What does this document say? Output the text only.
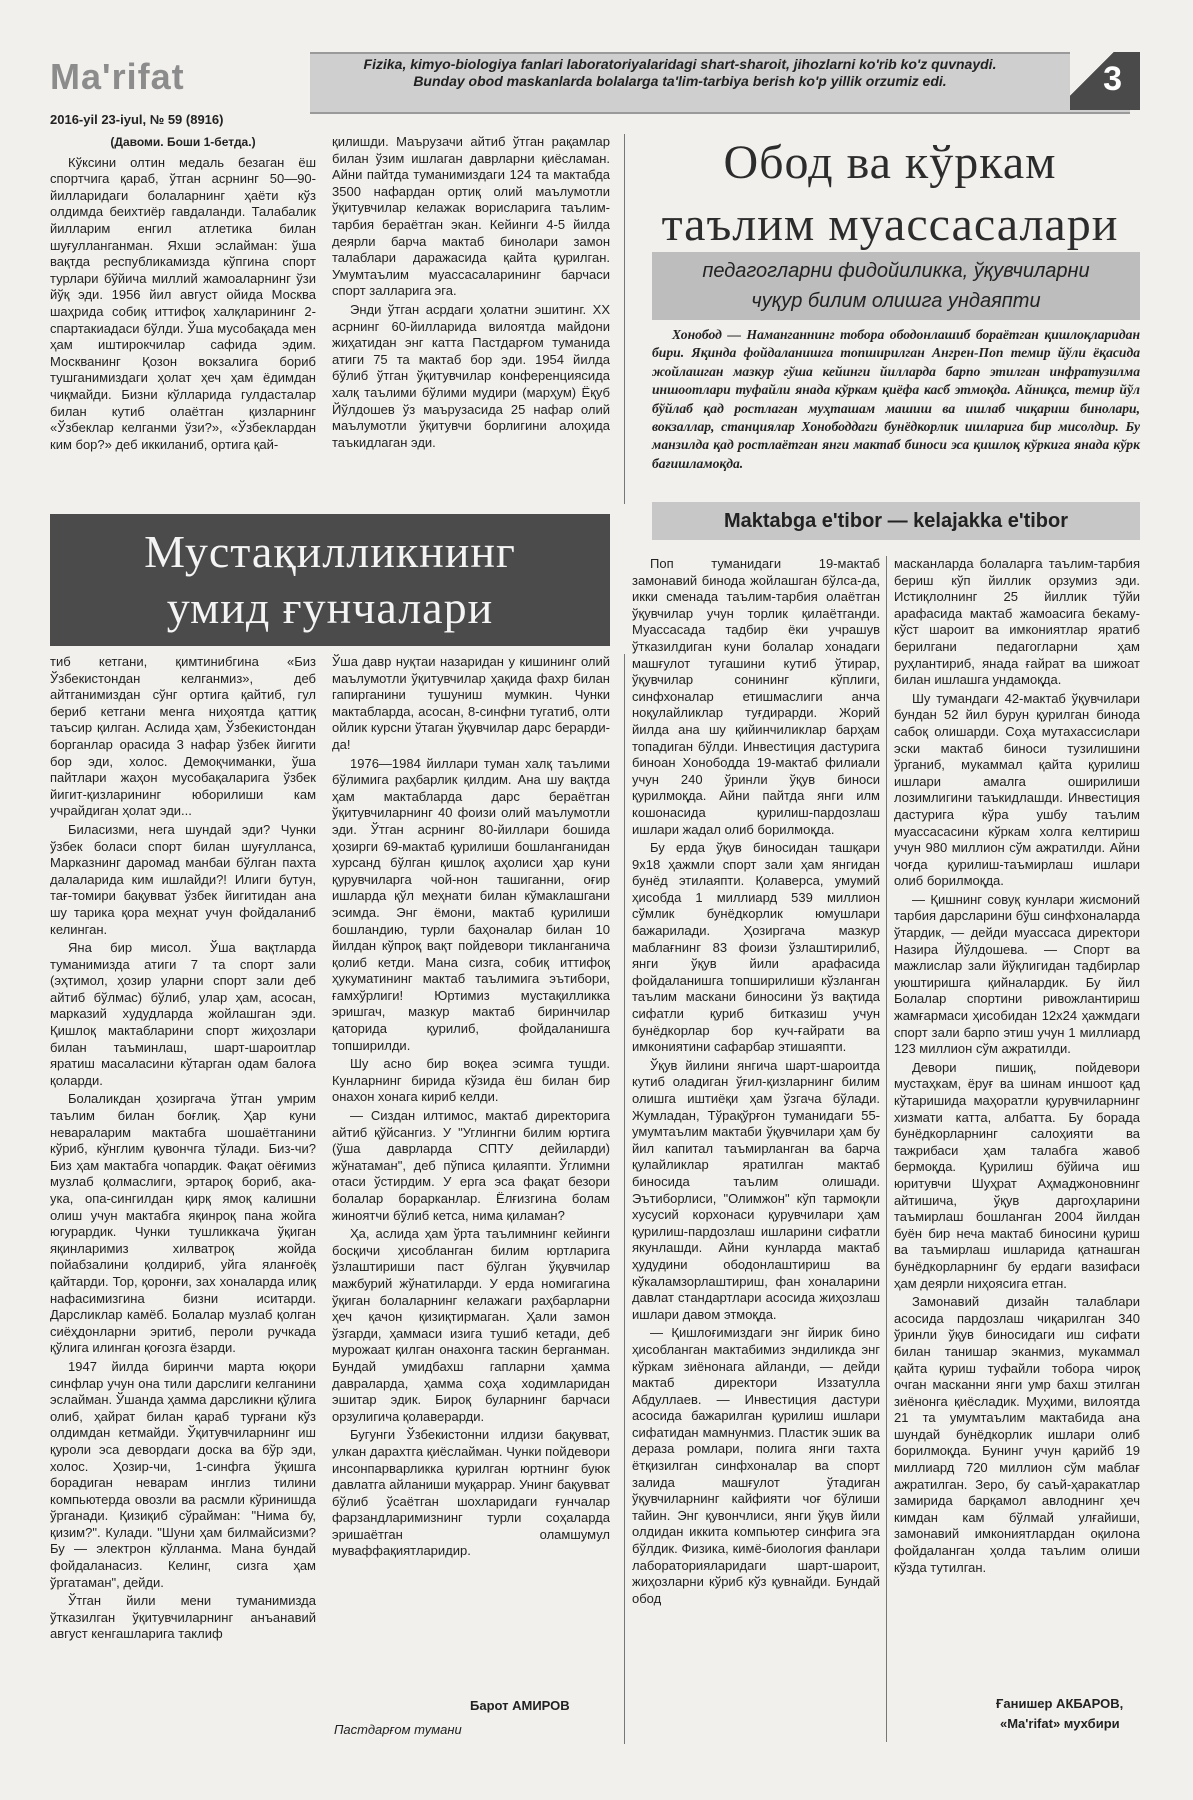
Ma'rifat	Fizika, kimyo-biologiya fanlari laboratoriyalaridagi shart-sharoit, jihozlarni ko'rib ko'z quvnaydi. Bunday obod maskanlarda bolalarga ta'lim-tarbiya berish ko'p yillik orzumiz edi.	3
2016-yil 23-iyul, № 59 (8916)
(Давоми. Боши 1-бетда.)

Кўксини олтин медаль безаган ёш спортчига қараб, ўтган асрнинг 50—90-йилларидаги болаларнинг ҳаёти кўз олдимда беихтиёр гавдаланди. Талабалик йилларим енгил атлетика билан шуғулланганман. Яхши эслайман: ўша вақтда республикамизда кўпгина спорт турлари бўйича миллий жамоаларнинг ўзи йўқ эди. 1956 йил август ойида Москва шаҳрида собиқ иттифоқ халқларининг 2-спартакиадаси бўлди. Ўша мусобақада мен ҳам иштирокчилар сафида эдим. Москванинг Қозон вокзалига бориб тушганимиздаги ҳолат ҳеч ҳам ёдимдан чиқмайди. Бизни кўлларида гулдасталар билан кутиб олаётган қизларнинг «Ўзбеклар келганми ўзи?», «Ўзбеклардан ким бор?» деб иккиланиб, ортига қай-

қилишди. Маърузачи айтиб ўтган рақамлар билан ўзим ишлаган даврларни қиёсламан. Айни пайтда туманимиздаги 124 та мактабда 3500 нафардан ортиқ олий маълумотли ўқитувчилар келажак ворисларига таълим-тарбия бераётган экан. Кейинги 4-5 йилда деярли барча мактаб бинолари замон талаблари даражасида қайта қурилган. Умумтаълим муассасаларининг барчаси спорт залларига эга.

Энди ўтган асрдаги ҳолатни эшитинг. ХХ асрнинг 60-йилларида вилоятда майдони жиҳатидан энг катта Пастдарғом туманида атиги 75 та мактаб бор эди. 1954 йилда бўлиб ўтган ўқитувчилар конференциясида халқ таълими бўлими мудири (марҳум) Ёқуб Йўлдошев ўз маърузасида 25 нафар олий маълумотли ўқитувчи борлигини алоҳида таъкидлаган эди.

Мустақилликнинг
умид ғунчалари

тиб кетгани, қимтинибгина «Биз Ўзбекистондан келганмиз», деб айтганимиздан сўнг ортига қайтиб, гул бериб кетгани менга ниҳоятда қаттиқ таъсир қилган. Аслида ҳам, Ўзбекистондан борганлар орасида 3 нафар ўзбек йигити бор эди, холос. Демоқчиманки, ўша пайтлари жаҳон мусобақаларига ўзбек йигит-қизларининг юборилиши кам учрайдиган ҳолат эди...

Биласизми, нега шундай эди? Чунки ўзбек боласи спорт билан шуғулланса, Марказнинг даромад манбаи бўлган пахта далаларида ким ишлайди?! Илиги бутун, тағ-томири бақувват ўзбек йигитидан ана шу тарика қора меҳнат учун фойдаланиб келинган.

Яна бир мисол. Ўша вақтларда туманимизда атиги 7 та спорт зали (эҳтимол, ҳозир уларни спорт зали деб айтиб бўлмас) бўлиб, улар ҳам, асосан, марказий худудларда жойлашган эди. Қишлоқ мактабларини спорт жиҳозлари билан таъминлаш, шарт-шароитлар яратиш масаласини кўтарган одам балоға қоларди.

Болаликдан ҳозиргача ўтган умрим таълим билан боғлиқ. Ҳар куни невараларим мактабга шошаётганини кўриб, кўнглим қувончга тўлади. Биз-чи? Биз ҳам мактабга чопардик. Фақат оёғимиз музлаб қолмаслиги, эртароқ бориб, ака-ука, опа-сингилдан қирқ ямоқ калишни олиш учун мактабга яқинроқ пана жойга югурардик. Чунки тушликкача ўқиган яқинларимиз хилватроқ жойда пойабзалини қолдириб, уйга яланғоёқ қайтарди. Тор, қоронғи, зах хоналарда илиқ нафасимизгина бизни иситарди. Дарсликлар камёб. Болалар музлаб қолган сиёҳдонларни эритиб, пероли ручкада қўлига илинган қоғозга ёзарди.

1947 йилда биринчи марта юқори синфлар учун она тили дарслиги келганини эслайман. Ўшанда ҳамма дарсликни қўлига олиб, ҳайрат билан қараб турғани кўз олдимдан кетмайди. Ўқитувчиларнинг иш қуроли эса девордаги доска ва бўр эди, холос. Ҳозир-чи, 1-синфга ўқишга борадиган невaрам инглиз тилини компьютерда овозли ва расмли кўринишда ўрганади. Қизиқиб сўрайман: "Нима бу, қизим?". Кулади. "Шуни ҳам билмайсизми? Бу — электрон кўлланма. Мана бундай фойдаланасиз. Келинг, сизга ҳам ўргатаман", дейди.

Ўтган йили мени туманимизда ўтказилган ўқитувчиларнинг анъанавий август кенгашларига таклиф

Ўша давр нуқтаи назаридан у кишининг олий маълумотли ўқитувчилар ҳақида фахр билан гапирганини тушуниш мумкин. Чунки мактабларда, асосан, 8-синфни тугатиб, олти ойлик курсни ўтаган ўқувчилар дарс берарди-да!

1976—1984 йиллари туман халқ таълими бўлимига раҳбарлик қилдим. Ана шу вақтда ҳам мактабларда дарс бераётган ўқитувчиларнинг 40 фоизи олий маълумотли эди. Ўтган асрнинг 80-йиллари бошида ҳозирги 69-мактаб қурилиши бошланганидан хурсанд бўлган қишлоқ аҳолиси ҳар куни қурувчиларга чой-нон ташиганни, оғир ишларда қўл меҳнати билан кўмаклашгани эсимда. Энг ёмони, мактаб қурилиши бошландию, турли баҳоналар билан 10 йилдан кўпроқ вақт пойдевори тикланганича қолиб кетди. Мана сизга, собиқ иттифоқ ҳукуматининг мактаб таълимига эътибори, ғамхўрлиги! Юртимиз мустақилликка эришгач, мазкур мактаб биринчилар қаторида қурилиб, фойдаланишга топширилди.

Шу асно бир воқеа эсимга тушди. Кунларнинг бирида кўзида ёш билан бир онахон хонага кириб келди.

— Сиздан илтимос, мактаб директорига айтиб қўйсангиз. У "Углингни билим юртига (ўша даврларда СПТУ дейиларди) жўнатаман", деб пўписа қилаяпти. Ўглимни отаси ўстирдим. У ерга эса фақат безори болалар борарканлар. Ёлғизгина болам жиноятчи бўлиб кетса, нима қиламан?

Ҳа, аслида ҳам ўрта таълимнинг кейинги босқичи ҳисобланган билим юртларига ўзлаштириши паст бўлган ўқувчилар мажбурий жўнатиларди. У ерда номигагина ўқиган болаларнинг келажаги раҳбарларни ҳеч қачон қизиқтирмаган. Ҳали замон ўзгарди, ҳаммаси изига тушиб кетади, деб мурожаат қилган онахонга таскин берганман. Бундай умидбахш гапларни ҳамма давраларда, ҳамма соҳа ходимларидан эшитар эдик. Бироқ буларнинг барчаси орзулигича қолаверарди.

Бугунги Ўзбекистонни илдизи бақувват, улкан дарахтга қиёслайман. Чунки пойдевори инсонпарварликка қурилган юртнинг буюк давлатга айланиши муқаррар. Унинг бақувват бўлиб ўсаётган шохларидаги ғунчалар фарзандларимизнинг турли соҳаларда эришаётган оламшумул муваффақиятларидир.

Барот АМИРОВ
Пастдарғом тумани
Обод ва кўркам
таълим муассасалари
педагогларни фидойиликка, ўқувчиларни
чуқур билим олишга ундаяпти

Хонобод — Наманганнинг тобора ободонлашиб бораётган қишлоқларидан бири. Яқинда фойдаланишга топширилган Ангрен-Поп темир йўли ёқасида жойлашган мазкур гўша кейинги йилларда барпо этилган инфратузилма иншоотлари туфайли янада кўркам қиёфа касб этмоқда. Айниқса, темир йўл бўйлаб қад ростлаган муҳташам машиш ва ишлаб чиқариш бинолари, вокзаллар, станциялар Хонободдаги бунёдкорлик ишларига бир мисолдир. Бу манзилда қад ростлаётган янги мактаб биноси эса қишлоқ кўркига янада кўрк бағишламоқда.

Maktabga e'tibor — kelajakka e'tibor

Поп туманидаги 19-мактаб замонавий бинода жойлашган бўлса-да, икки сменада таълим-тарбия олаётган ўқувчилар учун торлик қилаётганди. Муассасада тадбир ёки учрашув ўтказилдиган куни болалар хонадаги машғулот тугашини кутиб ўтирар, ўқувчилар сонининг кўплиги, синфхоналар етишмаслиги анча ноқулайликлар туғдирарди. Жорий йилда ана шу қийинчиликлар барҳам топадиган бўлди. Инвестиция дастурига биноан Хонободда 19-мактаб филиали учун 240 ўринли ўқув биноси қурилмоқда. Айни пайтда янги илм кошонасида қурилиш-пардозлаш ишлари жадал олиб борилмоқда.

Бу ерда ўқув биносидан ташқари 9х18 ҳажмли спорт зали ҳам янгидан бунёд этилаяпти. Қолаверса, умумий ҳисобда 1 миллиард 539 миллион сўмлик бунёдкорлик юмушлари бажарилади. Ҳозиргача мазкур маблағнинг 83 фоизи ўзлаштирилиб, янги ўқув йили арафасида фойдаланишга топширилиши кўзланган таълим маскани биносини ўз вақтида сифатли қуриб битказиш учун бунёдкорлар бор куч-ғайрати ва имкониятини сафарбар этишаяпти.

Ўқув йилини янгича шарт-шароитда кутиб оладиган ўғил-қизларнинг билим олишга иштиёқи ҳам ўзгача бўлади. Жумладан, Тўрақўрғон туманидаги 55-умумтаълим мактаби ўқувчилари ҳам бу йил капитал таъмирланган ва барча қулайликлар яратилган мактаб биносида таълим олишади. Эътиборлиси, "Олимжон" кўп тармоқли хусусий корхонаси қурувчилари ҳам қурилиш-пардозлаш ишларини сифатли якунлашди. Айни кунларда мактаб ҳудудини ободонлаштириш ва кўкаламзорлаштириш, фан хоналарини давлат стандартлари асосида жиҳозлаш ишлари давом этмоқда.

— Қишлоғимиздаги энг йирик бино ҳисобланган мактабимиз эндиликда энг кўркам зиёнонага айланди, — дейди мактаб директори Иззатулла Абдуллаев. — Инвестиция дастури асосида бажарилган қурилиш ишлари сифатидан мамнунмиз. Пластик эшик ва деразa ромлари, полига янги тахта ётқизилган синфхоналар ва спорт залида машғулот ўтадиган ўқувчиларнинг кайфияти чоғ бўлиши тайин. Энг қувончлиси, янги ўқув йили олдидан иккита компьютер синфига эга бўлдик. Физика, кимё-биология фанлари лабораторияларидаги шарт-шароит, жиҳозларни кўриб кўз қувнайди. Бундай обод

масканларда болаларга таълим-тарбия бериш кўп йиллик орзумиз эди. Истиқлолнинг 25 йиллик тўйи арафасида мактаб жамоасига бекаму-кўст шароит ва имкониятлар яратиб берилгани педагогларни ҳам руҳлантириб, янада ғайрат ва шижоат билан ишлашга ундамоқда.

Шу тумандаги 42-мактаб ўқувчилари бундан 52 йил бурун қурилган бинода сабоқ олишарди. Соҳа мутахассислари эски мактаб биноси тузилишини ўрганиб, мукаммал қайта қурилиш ишлари амалга оширилиши лозимлигини таъкидлашди. Инвестиция дастурига кўра ушбу таълим муассасасини кўркам холга келтириш учун 980 миллион сўм ажратилди. Айни чоғда қурилиш-таъмирлаш ишлари олиб борилмоқда.

— Қишнинг совуқ кунлари жисмоний тарбия дарсларини бўш синфхоналарда ўтардик, — дейди муассаса директори Назира Йўлдошева. — Спорт ва мажлислар зали йўқлигидан тадбирлар уюштиришга қийналардик. Бу йил Болалар спортини ривожлантириш жамғармаси ҳисобидан 12х24 ҳажмдаги спорт зали барпо этиш учун 1 миллиард 123 миллион сўм ажратилди.

Девори пишиқ, пойдевори мустаҳкам, ёруғ ва шинам иншоот қад кўтаришида маҳоратли қурувчиларнинг хизмати катта, албатта. Бу борада бунёдкорларнинг салоҳияти ва тажрибаси ҳам талабга жавоб бермоқда. Қурилиш бўйича иш юритувчи Шуҳрат Аҳмаджоновнинг айтишича, ўқув даргоҳларини таъмирлаш бошланган 2004 йилдан буён бир неча мактаб биносини қуриш ва таъмирлаш ишларида қатнашган бунёдкорларнинг бу ердаги вазифаси ҳам деярли ниҳоясига етган.

Замонавий дизайн талаблари асосида пардозлаш чиқарилган 340 ўринли ўқув биносидаги иш сифати билан танишар эканмиз, мукаммал қайта қуриш туфайли тобора чироқ очган масканни янги умр бахш этилган зиёнонга қиёсладик. Муҳими, вилоятда 21 та умумтаълим мактабида ана шундай бунёдкорлик ишлари олиб борилмоқда. Бунинг учун қарийб 19 миллиард 720 миллион сўм маблағ ажратилган. Зеро, бу саъй-ҳаракатлар замирида барқамол авлоднинг ҳеч кимдан кам бўлмай улғайиши, замонавий имкониятлардан оқилона фойдаланган ҳолда таълим олиши кўзда тутилган.

Ғанишер АКБАРОВ,
«Ma'rifat» мухбири
